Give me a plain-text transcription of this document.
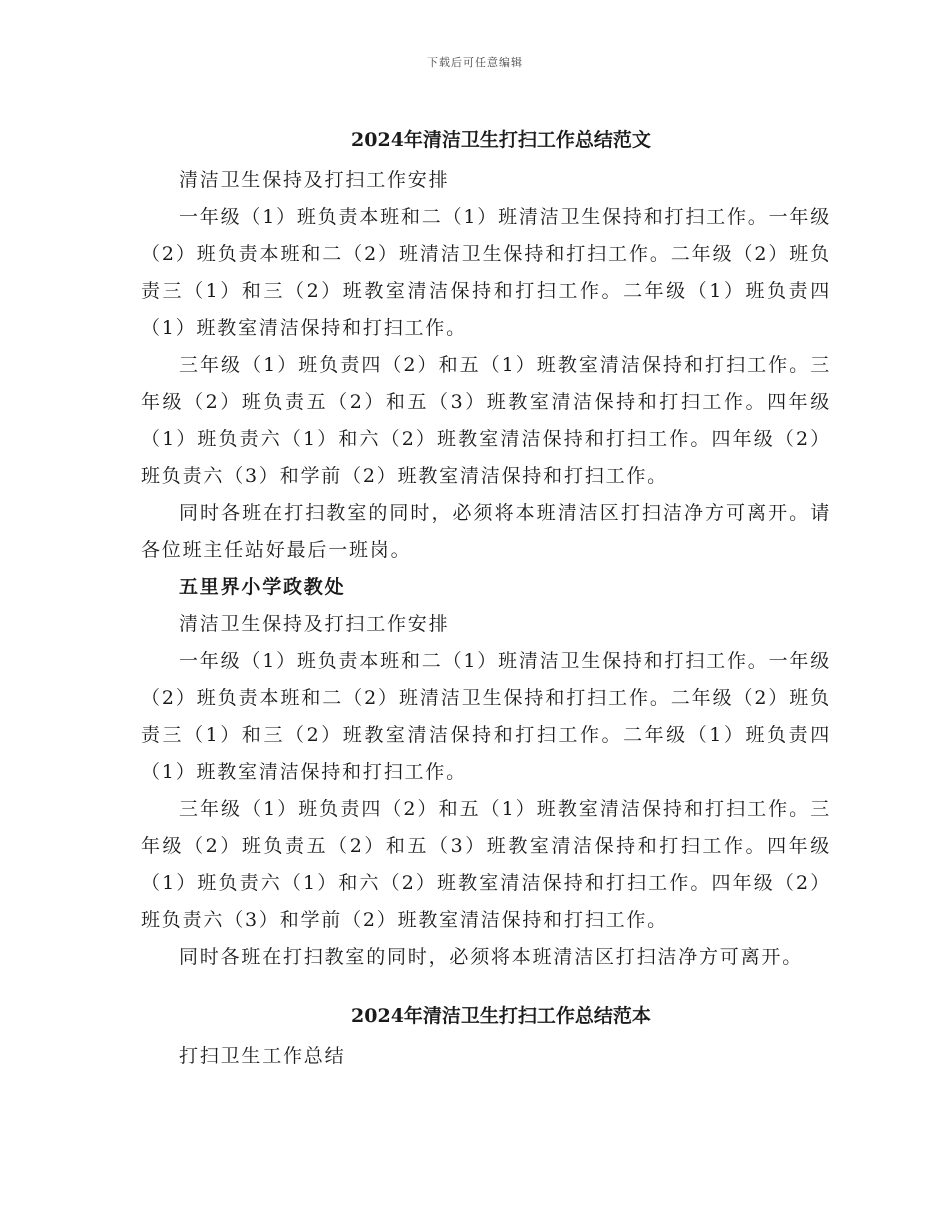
下载后可任意编辑
2024年清洁卫生打扫工作总结范文

清洁卫生保持及打扫工作安排

一年级（1）班负责本班和二（1）班清洁卫生保持和打扫工作。一年级（2）班负责本班和二（2）班清洁卫生保持和打扫工作。二年级（2）班负责三（1）和三（2）班教室清洁保持和打扫工作。二年级（1）班负责四（1）班教室清洁保持和打扫工作。

三年级（1）班负责四（2）和五（1）班教室清洁保持和打扫工作。三年级（2）班负责五（2）和五（3）班教室清洁保持和打扫工作。四年级（1）班负责六（1）和六（2）班教室清洁保持和打扫工作。四年级（2）班负责六（3）和学前（2）班教室清洁保持和打扫工作。

同时各班在打扫教室的同时，必须将本班清洁区打扫洁净方可离开。请各位班主任站好最后一班岗。

五里界小学政教处

清洁卫生保持及打扫工作安排

一年级（1）班负责本班和二（1）班清洁卫生保持和打扫工作。一年级（2）班负责本班和二（2）班清洁卫生保持和打扫工作。二年级（2）班负责三（1）和三（2）班教室清洁保持和打扫工作。二年级（1）班负责四（1）班教室清洁保持和打扫工作。

三年级（1）班负责四（2）和五（1）班教室清洁保持和打扫工作。三年级（2）班负责五（2）和五（3）班教室清洁保持和打扫工作。四年级（1）班负责六（1）和六（2）班教室清洁保持和打扫工作。四年级（2）班负责六（3）和学前（2）班教室清洁保持和打扫工作。

同时各班在打扫教室的同时，必须将本班清洁区打扫洁净方可离开。

2024年清洁卫生打扫工作总结范本

打扫卫生工作总结
